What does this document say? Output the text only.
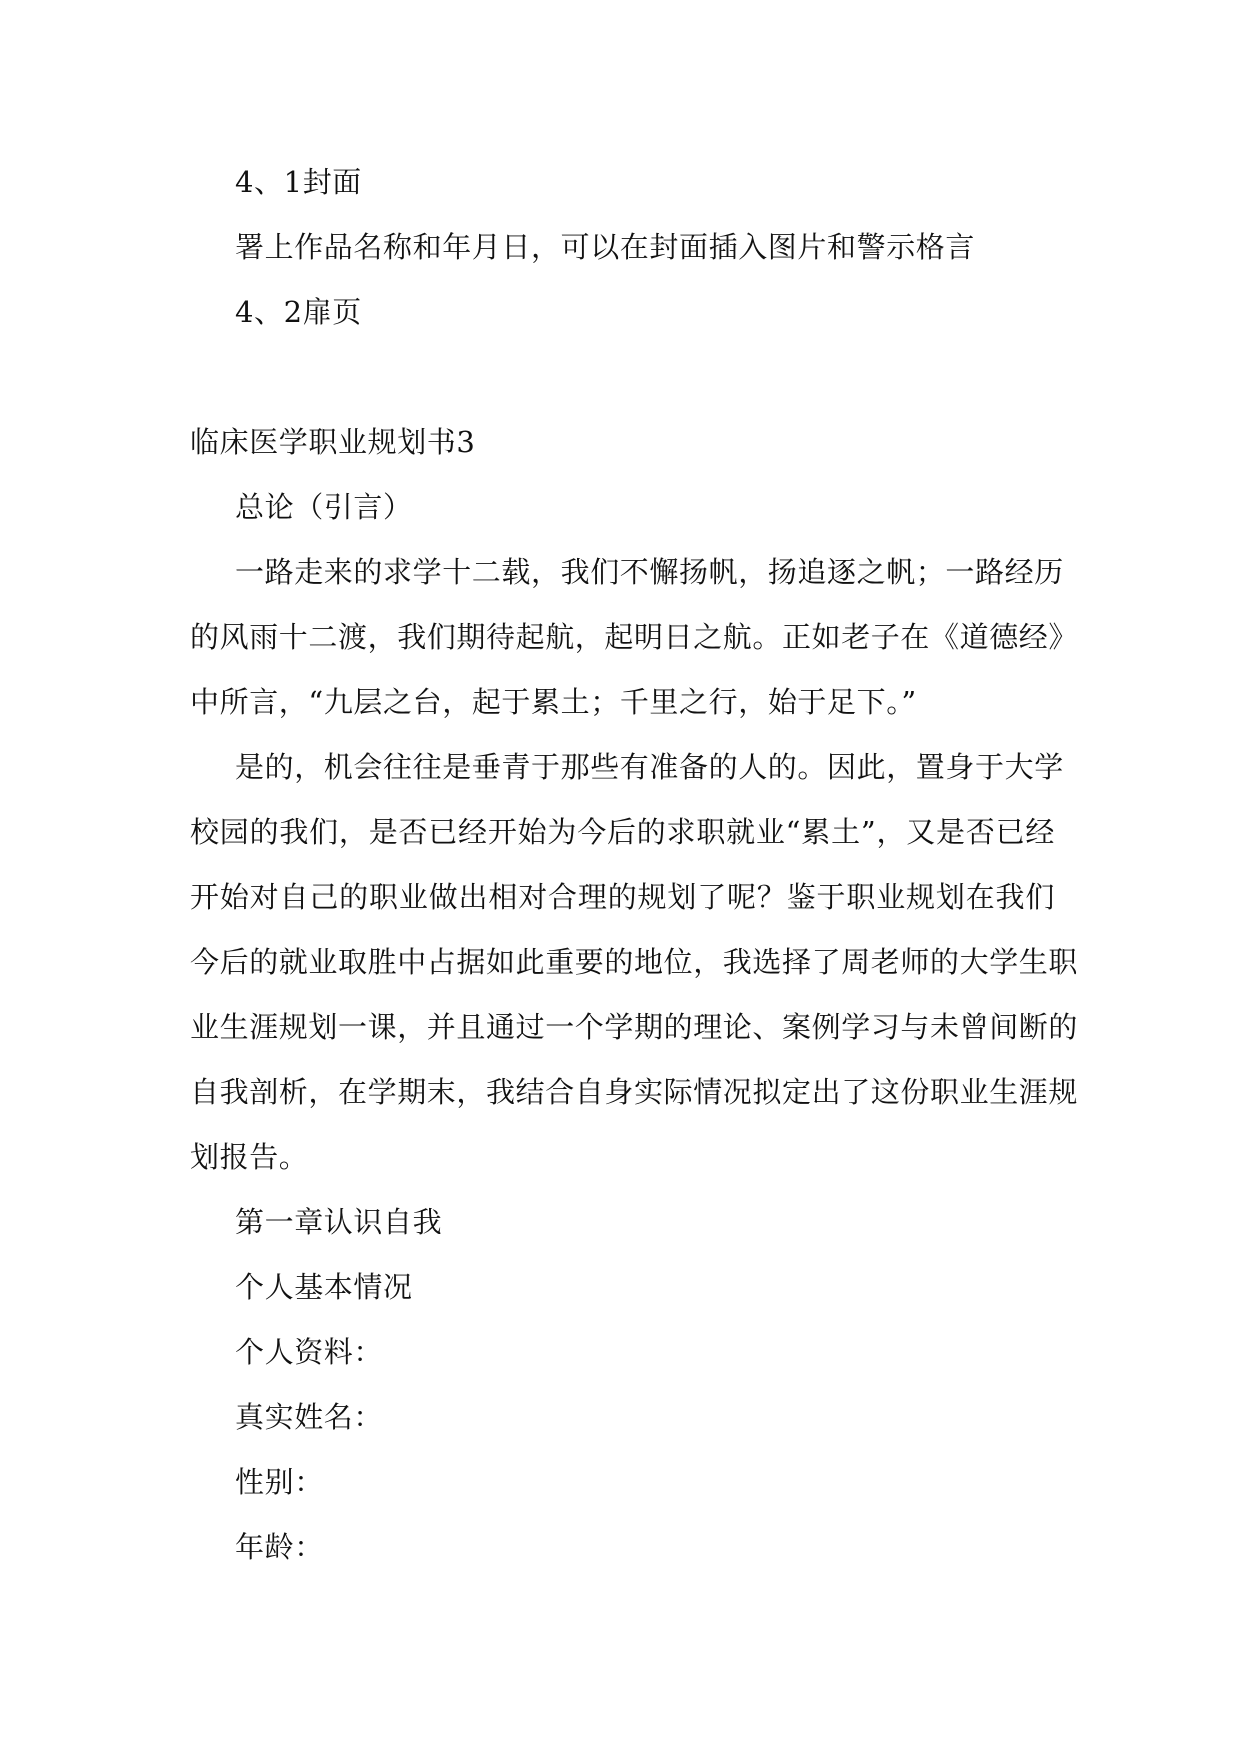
4、1封面

署上作品名称和年月日，可以在封面插入图片和警示格言

4、2扉页

临床医学职业规划书3

总论（引言）

一路走来的求学十二载，我们不懈扬帆，扬追逐之帆；一路经历

的风雨十二渡，我们期待起航，起明日之航。正如老子在《道德经》

中所言，“九层之台，起于累土；千里之行，始于足下。”

是的，机会往往是垂青于那些有准备的人的。因此，置身于大学

校园的我们，是否已经开始为今后的求职就业“累土”，又是否已经

开始对自己的职业做出相对合理的规划了呢？鉴于职业规划在我们

今后的就业取胜中占据如此重要的地位，我选择了周老师的大学生职

业生涯规划一课，并且通过一个学期的理论、案例学习与未曾间断的

自我剖析，在学期末，我结合自身实际情况拟定出了这份职业生涯规

划报告。

第一章认识自我

个人基本情况

个人资料：

真实姓名：

性别：

年龄：
